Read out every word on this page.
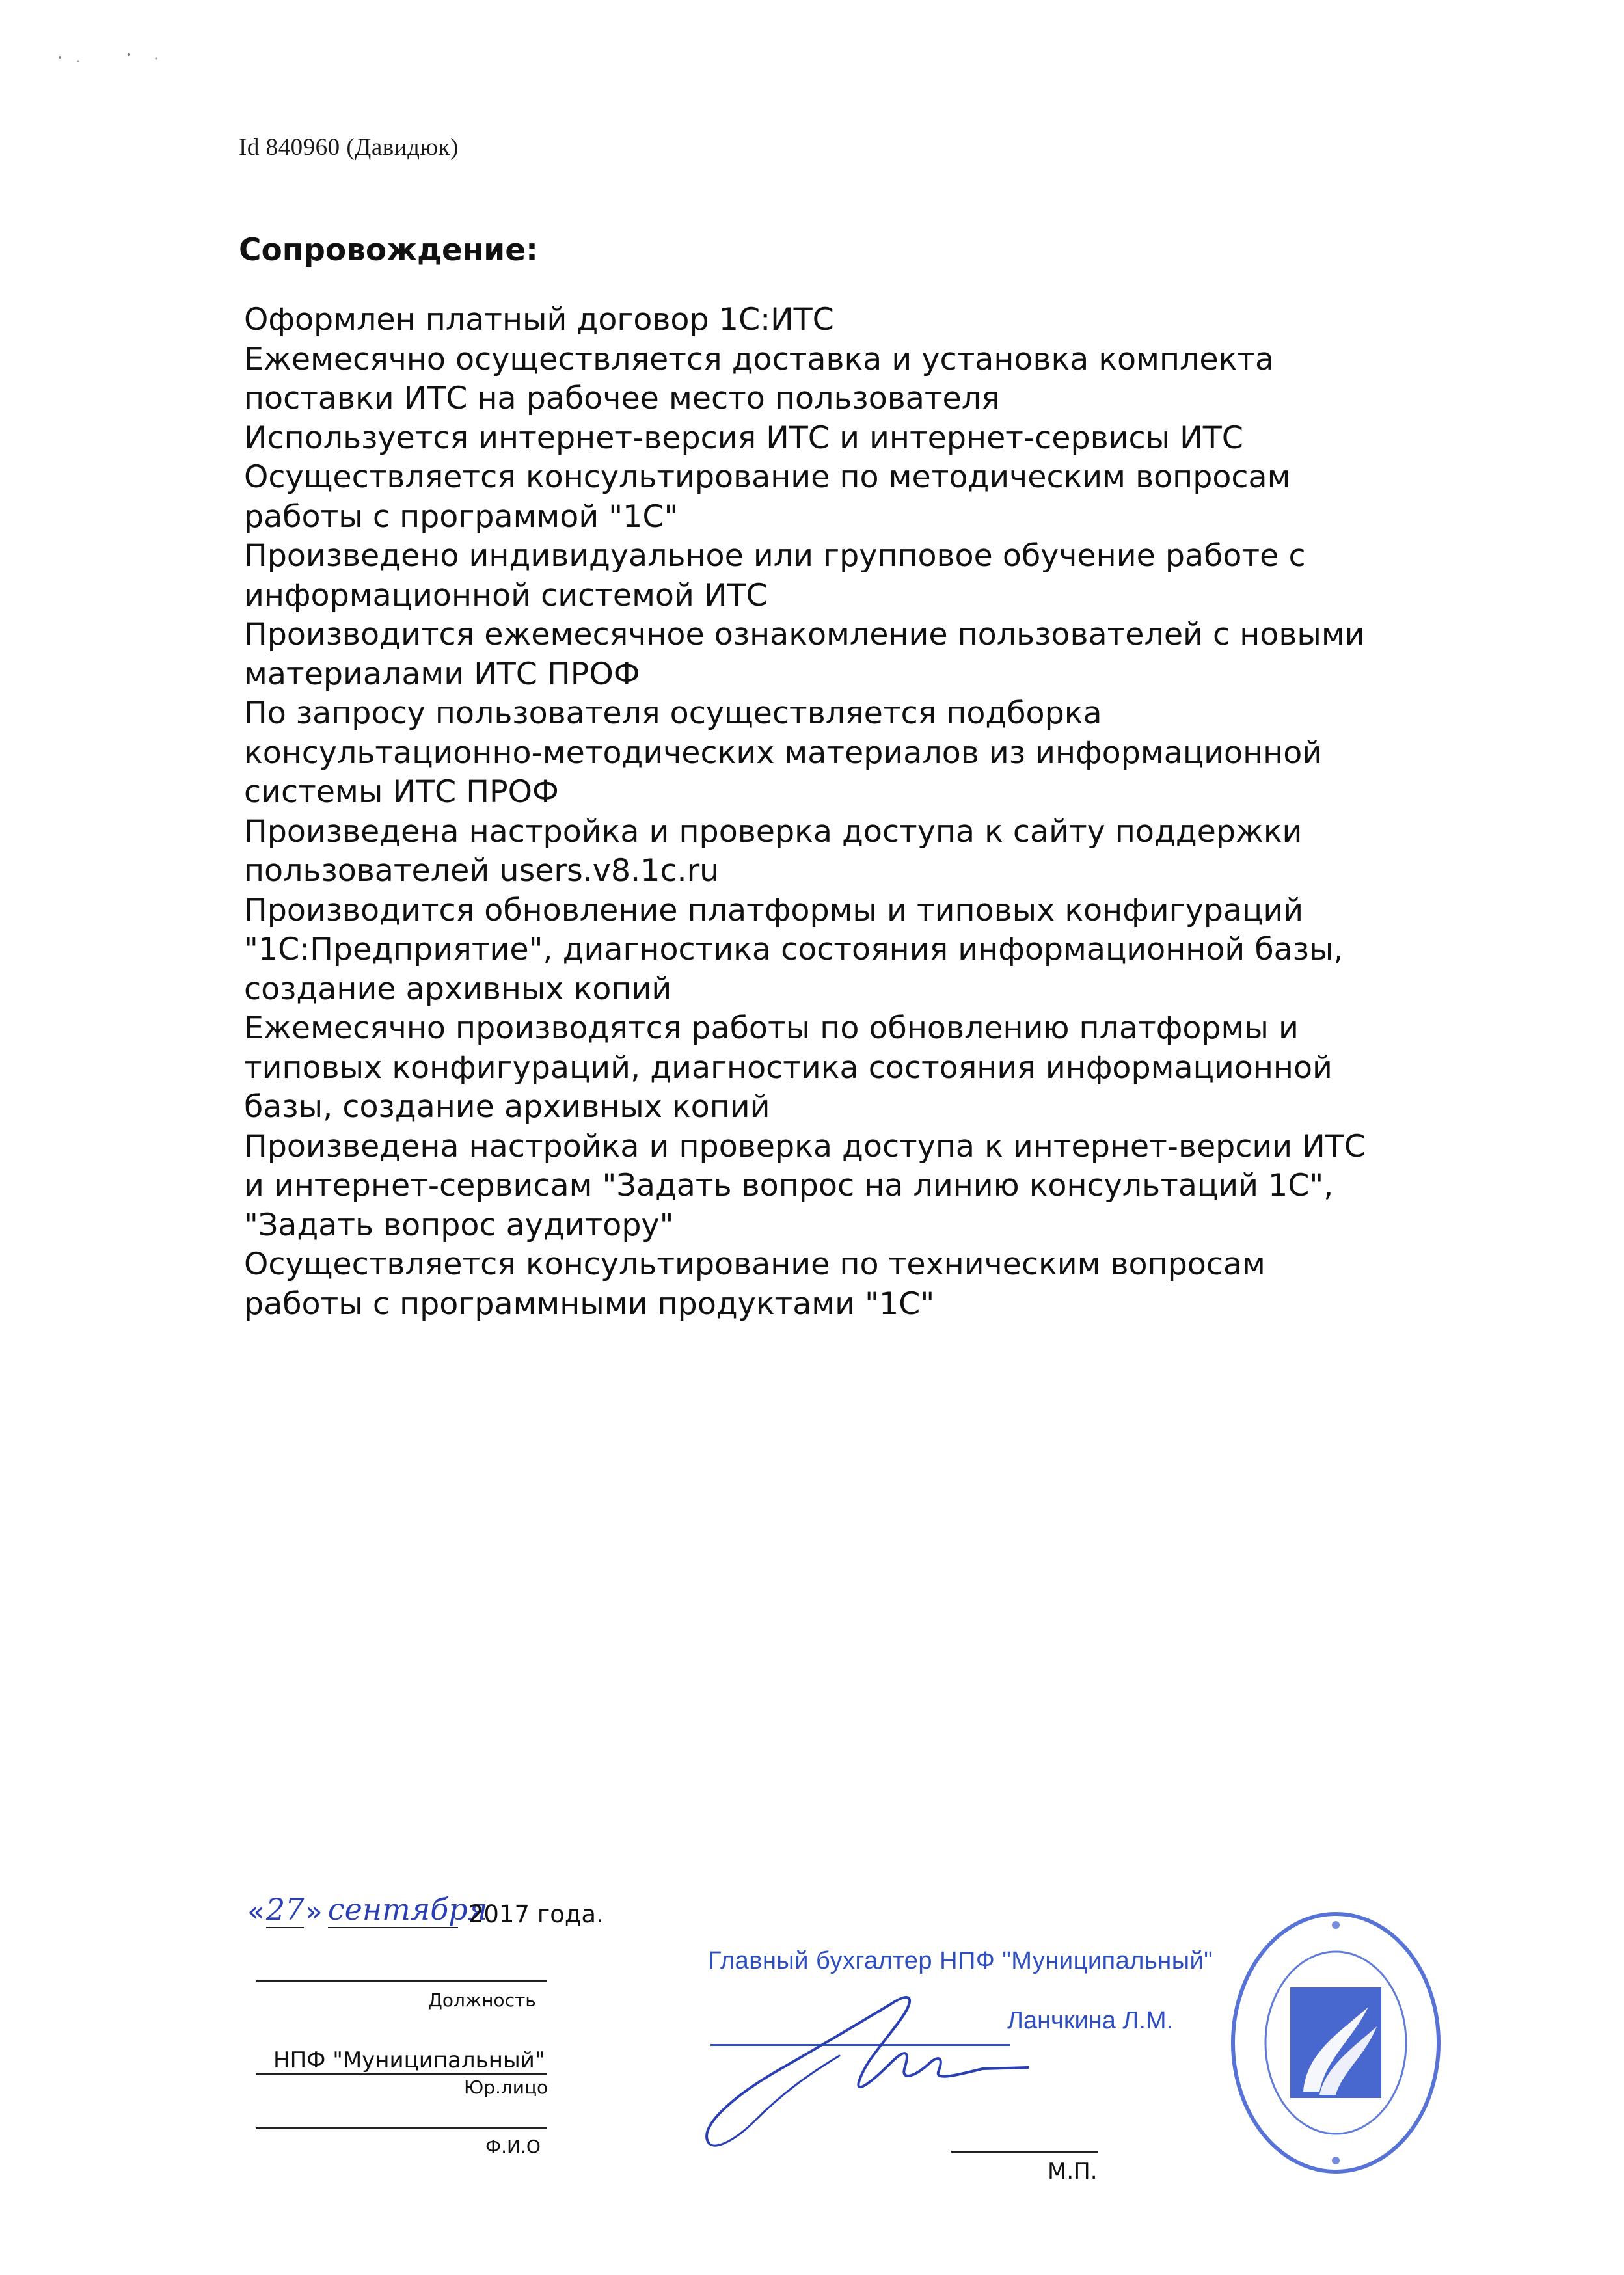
Id 840960 (Давидюк)
Сопровождение:
Оформлен платный договор 1С:ИТС
Ежемесячно осуществляется доставка и установка комплекта поставки ИТС на рабочее место пользователя
Используется интернет-версия ИТС и интернет-сервисы ИТС
Осуществляется консультирование по методическим вопросам работы с программой "1С"
Произведено индивидуальное или групповое обучение работе с информационной системой ИТС
Производится ежемесячное ознакомление пользователей с новыми материалами ИТС ПРОФ
По запросу пользователя осуществляется подборка консультационно-методических материалов из информационной системы ИТС ПРОФ
Произведена настройка и проверка доступа к сайту поддержки пользователей users.v8.1c.ru
Производится обновление платформы и типовых конфигураций "1С:Предприятие", диагностика состояния информационной базы, создание архивных копий
Ежемесячно производятся работы по обновлению платформы и типовых конфигураций, диагностика состояния информационной базы, создание архивных копий
Произведена настройка и проверка доступа к интернет-версии ИТС и интернет-сервисам "Задать вопрос на линию консультаций 1С", "Задать вопрос аудитору"
Осуществляется консультирование по техническим вопросам работы с программными продуктами "1С"
« 27 » сентября
2017 года.
Должность
НПФ "Муниципальный"
Юр.лицо
Ф.И.О
Главный бухгалтер НПФ "Муниципальный"
Ланчкина Л.М.
М.П.
